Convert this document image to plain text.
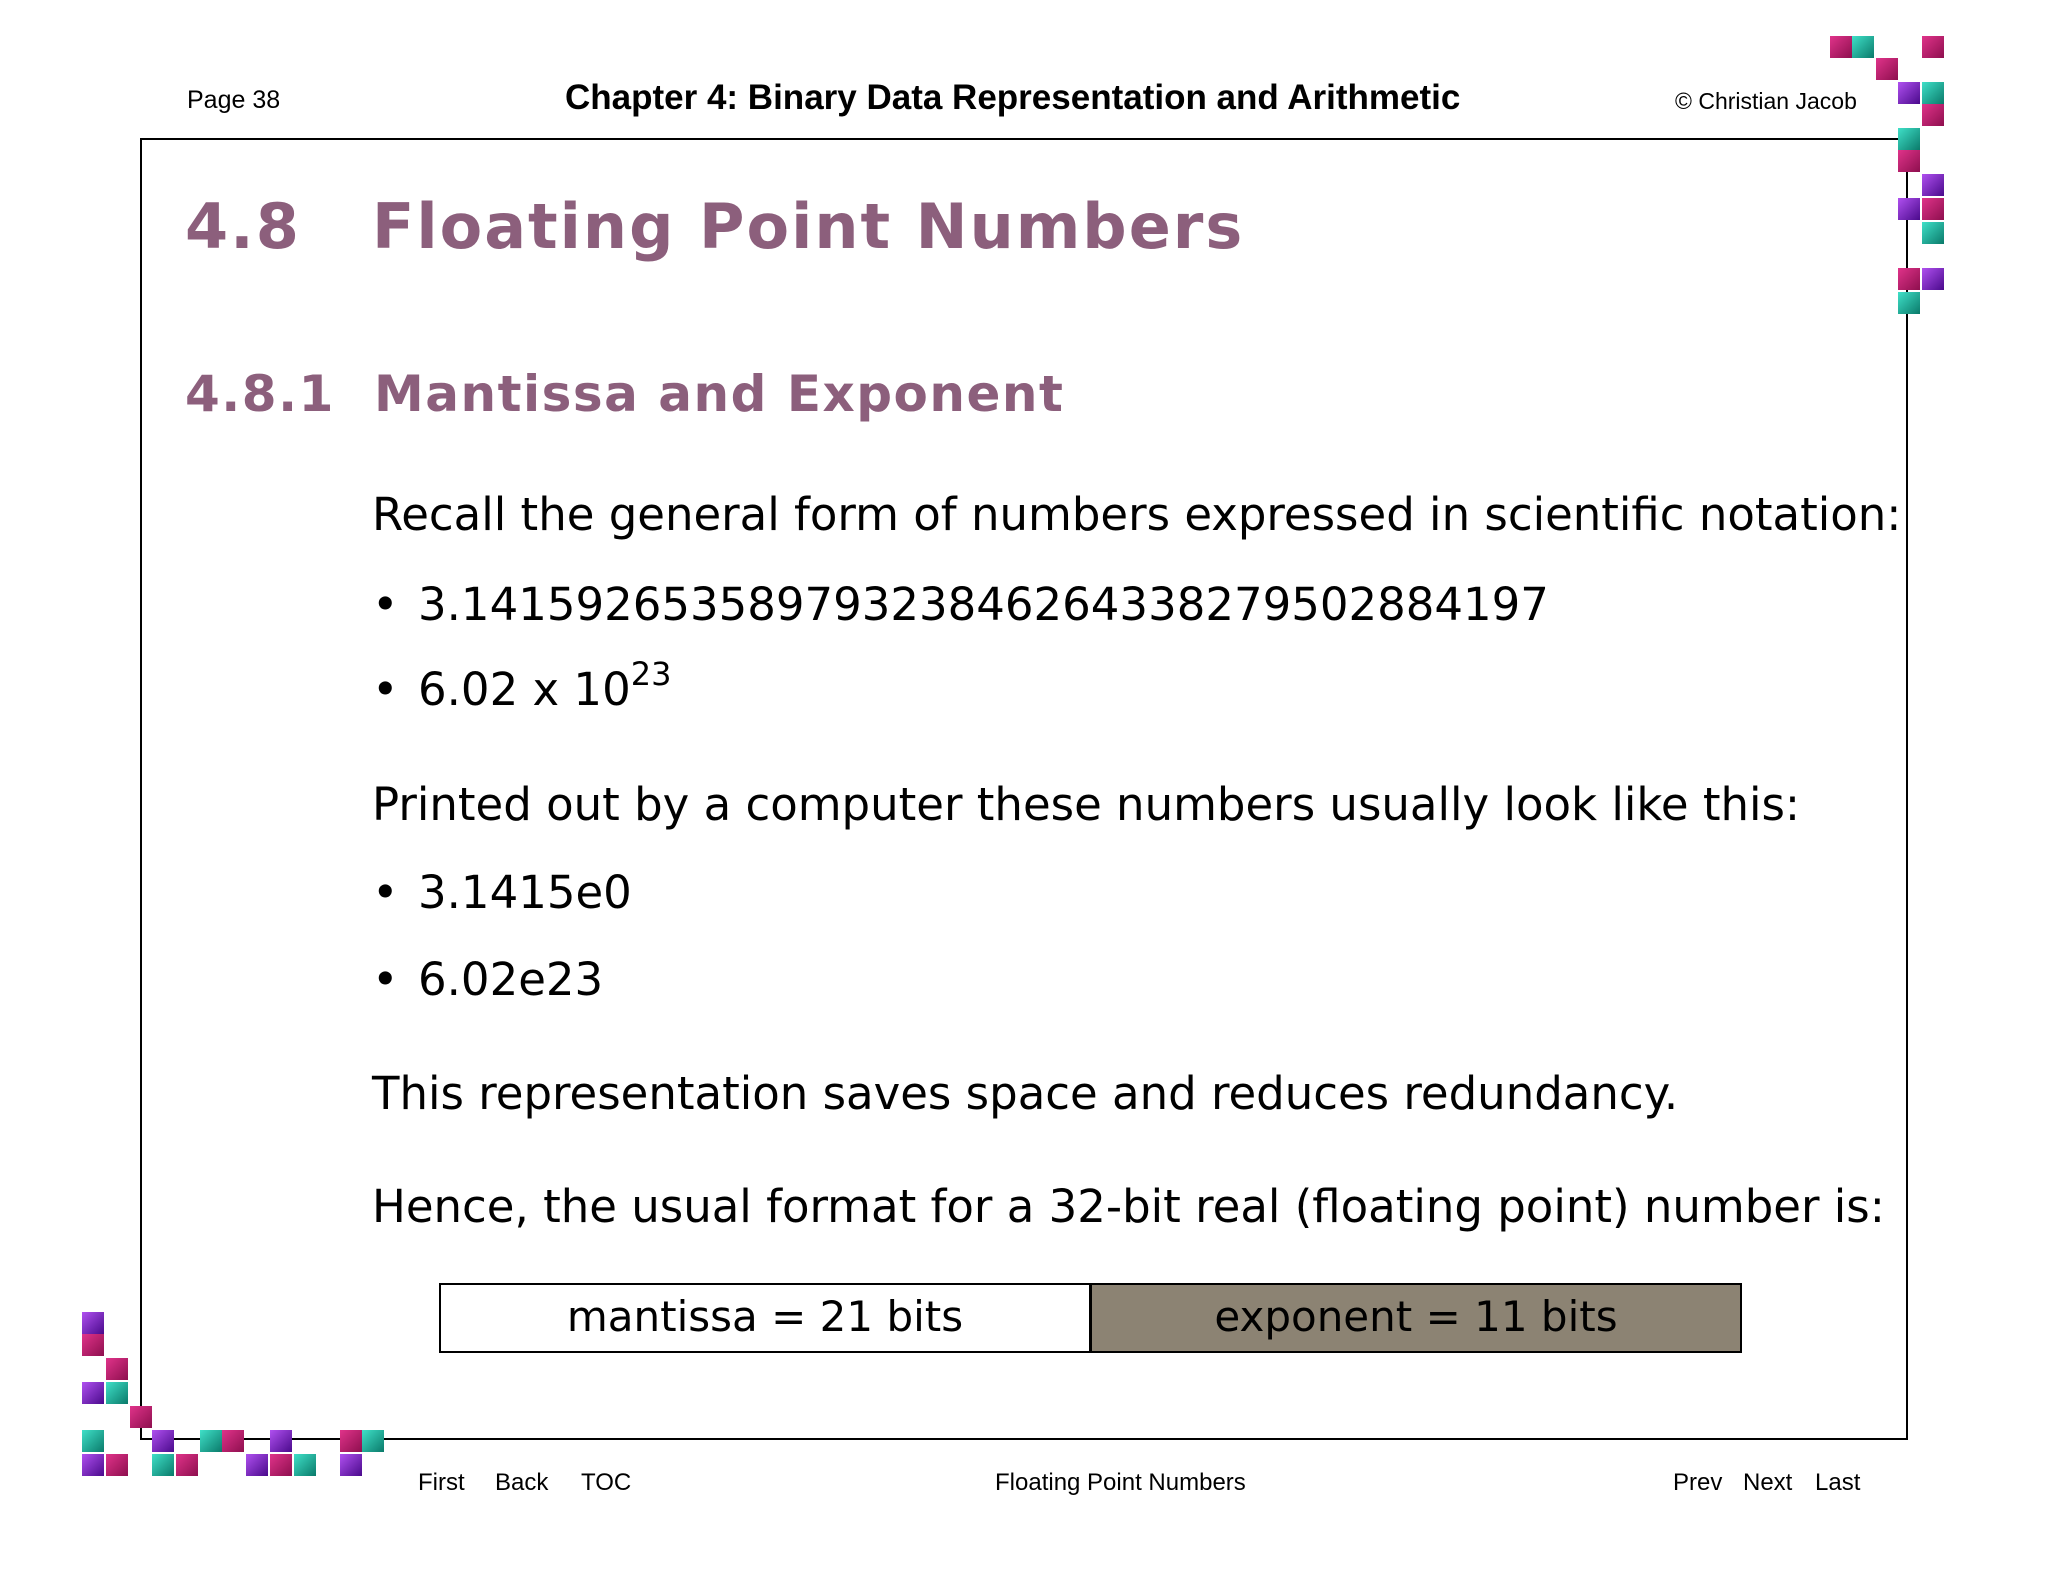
Page 38	Chapter 4: Binary Data Representation and Arithmetic	© Christian Jacob
4.8 Floating Point Numbers
4.8.1 Mantissa and Exponent
Recall the general form of numbers expressed in scientific notation:
• 3.14159265358979323846264338279502884197
• 6.02 x $10^{23}$
Printed out by a computer these numbers usually look like this:
• 3.1415e0
• 6.02e23
This representation saves space and reduces redundancy.
Hence, the usual format for a 32-bit real (floating point) number is:
mantissa = 21 bits	exponent = 11 bits
First Back TOC	Floating Point Numbers	Prev Next Last
